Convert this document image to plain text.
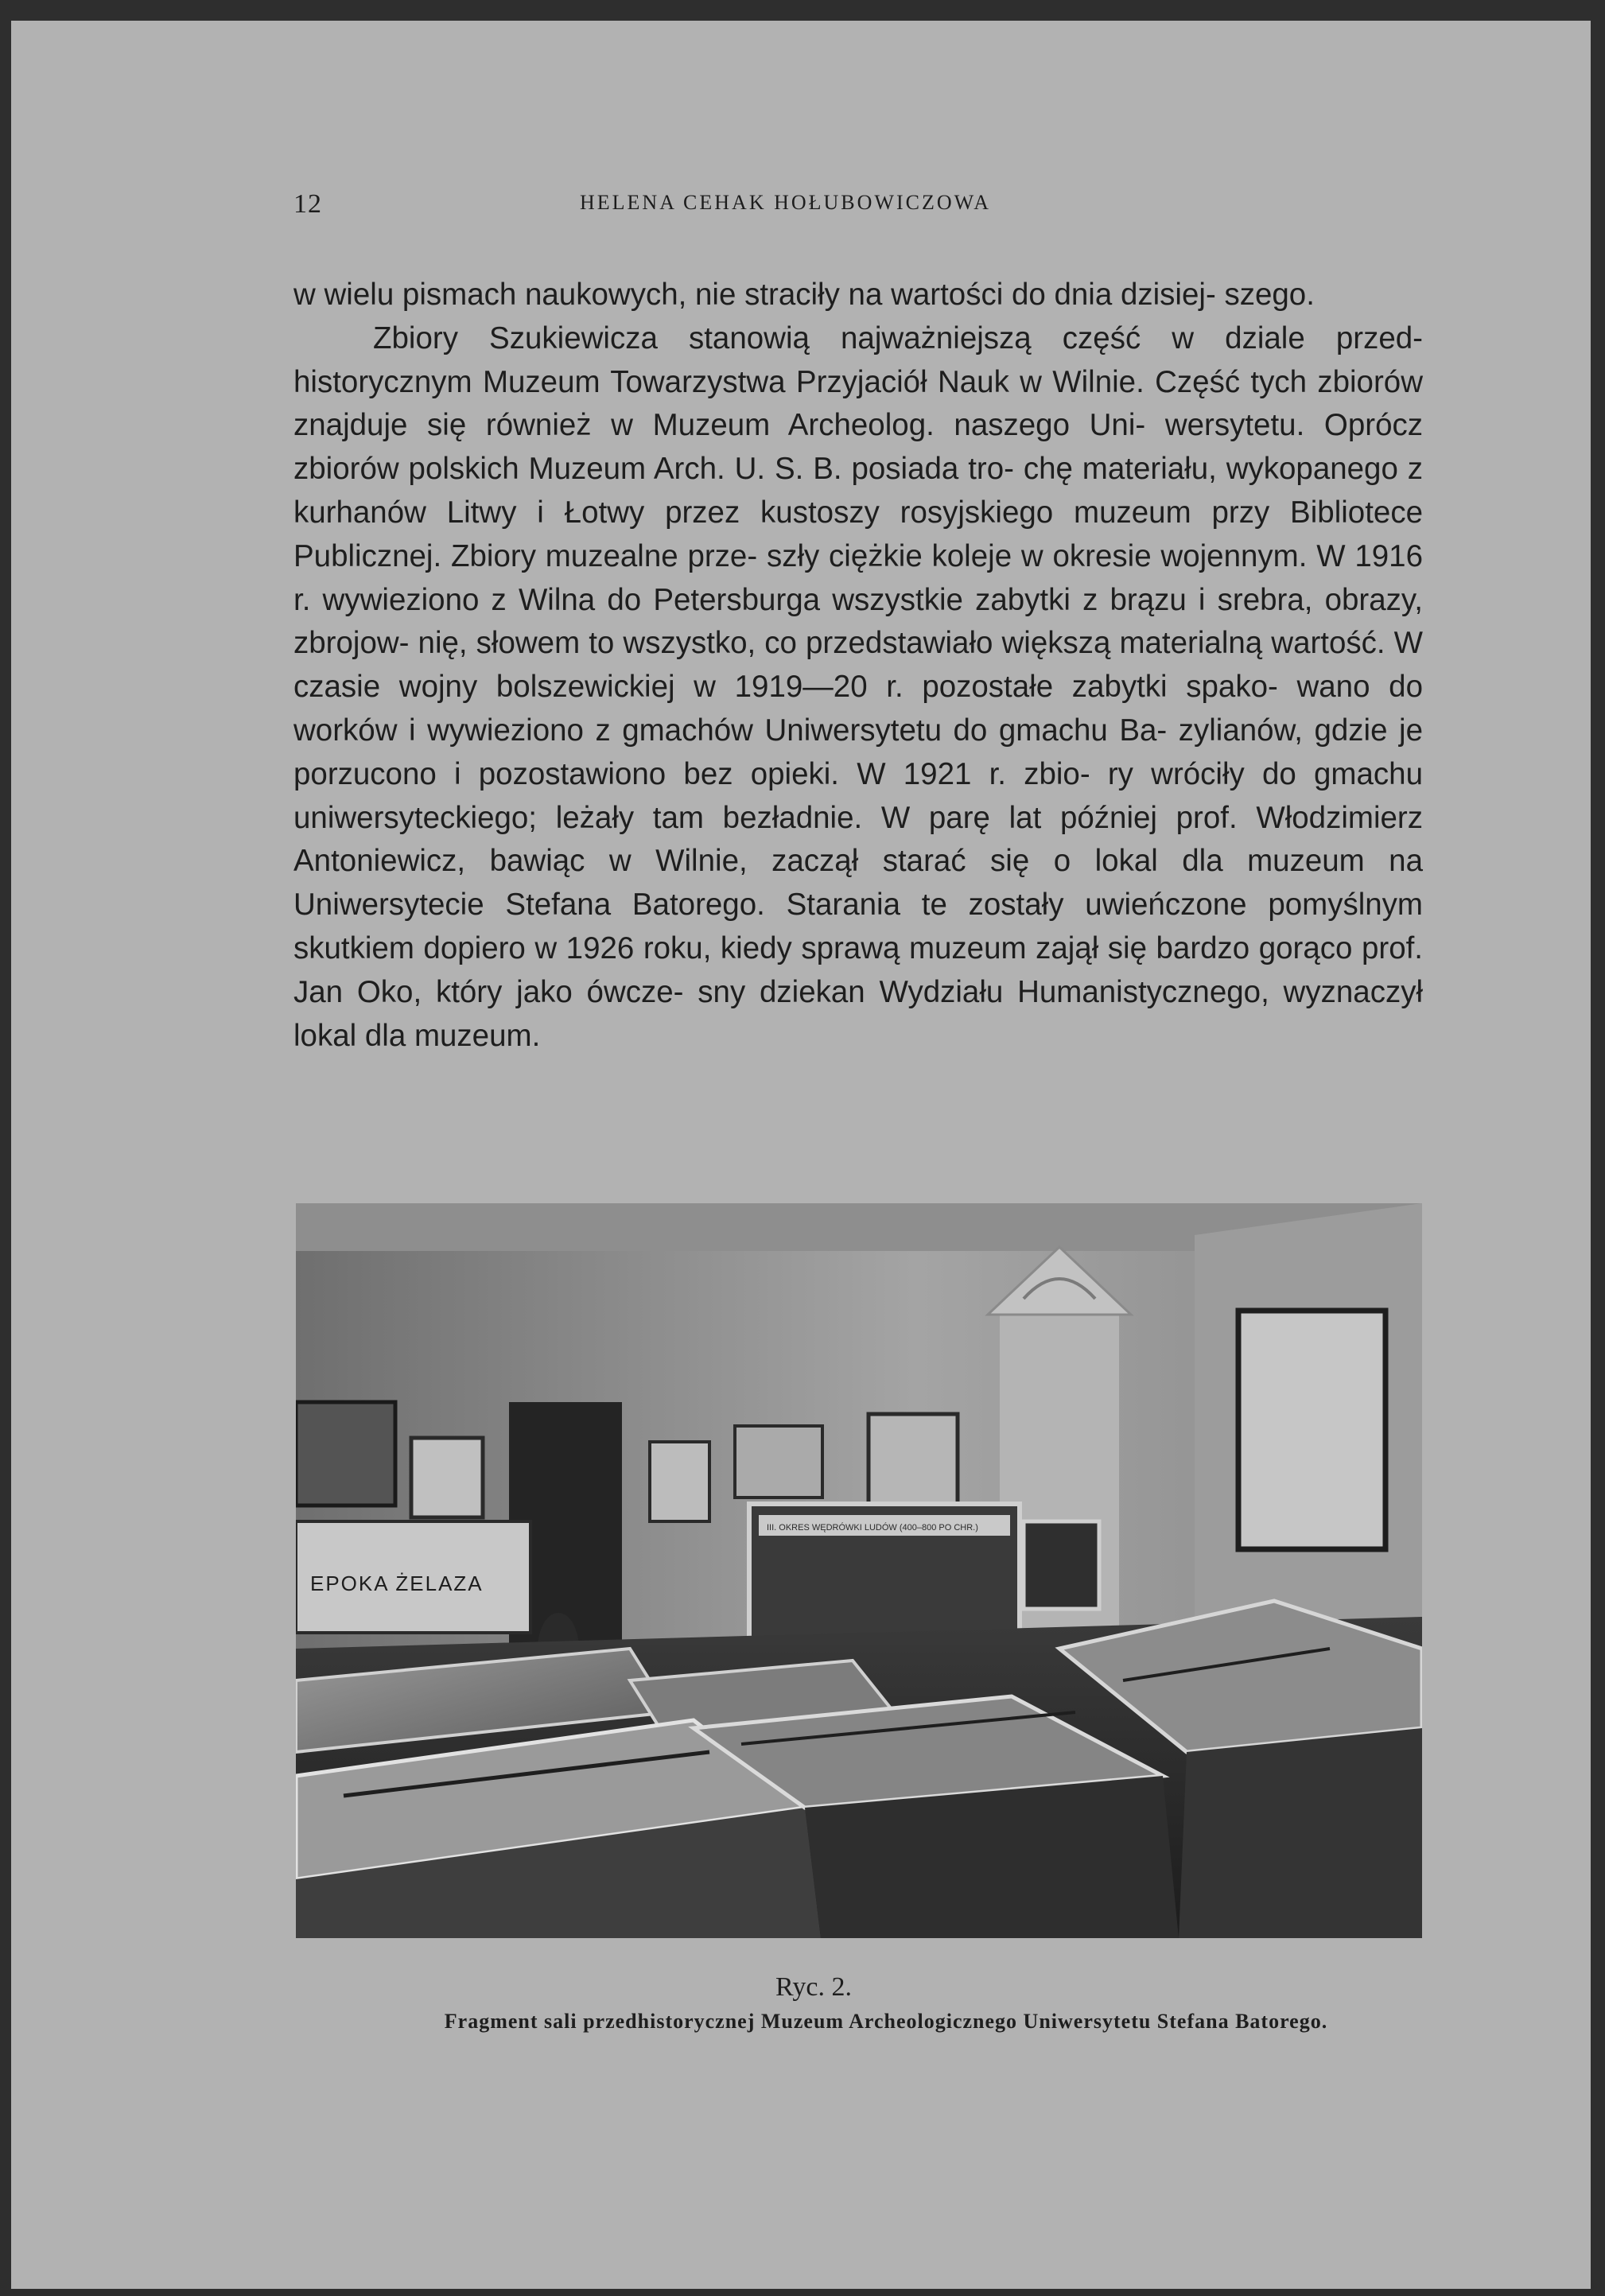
12	HELENA CEHAK HOŁUBOWICZOWA

w wielu pismach naukowych, nie straciły na wartości do dnia dzisiej- szego.

Zbiory Szukiewicza stanowią najważniejszą część w dziale przed- historycznym Muzeum Towarzystwa Przyjaciół Nauk w Wilnie. Część tych zbiorów znajduje się również w Muzeum Archeolog. naszego Uni- wersytetu. Oprócz zbiorów polskich Muzeum Arch. U. S. B. posiada tro- chę materiału, wykopanego z kurhanów Litwy i Łotwy przez kustoszy rosyjskiego muzeum przy Bibliotece Publicznej. Zbiory muzealne prze- szły ciężkie koleje w okresie wojennym. W 1916 r. wywieziono z Wilna do Petersburga wszystkie zabytki z brązu i srebra, obrazy, zbrojow- nię, słowem to wszystko, co przedstawiało większą materialną wartość. W czasie wojny bolszewickiej w 1919—20 r. pozostałe zabytki spako- wano do worków i wywieziono z gmachów Uniwersytetu do gmachu Ba- zylianów, gdzie je porzucono i pozostawiono bez opieki. W 1921 r. zbio- ry wróciły do gmachu uniwersyteckiego; leżały tam bezładnie. W parę lat później prof. Włodzimierz Antoniewicz, bawiąc w Wilnie, zaczął starać się o lokal dla muzeum na Uniwersytecie Stefana Batorego. Starania te zostały uwieńczone pomyślnym skutkiem dopiero w 1926 roku, kiedy sprawą muzeum zajął się bardzo gorąco prof. Jan Oko, który jako ówcze- sny dziekan Wydziału Humanistycznego, wyznaczył lokal dla muzeum.

EPOKA ŻELAZA
III. OKRES WĘDRÓWKI LUDÓW (400–800 PO CHR.)
Ryc. 2.
Fragment sali przedhistorycznej Muzeum Archeologicznego Uniwersytetu Stefana Batorego.
